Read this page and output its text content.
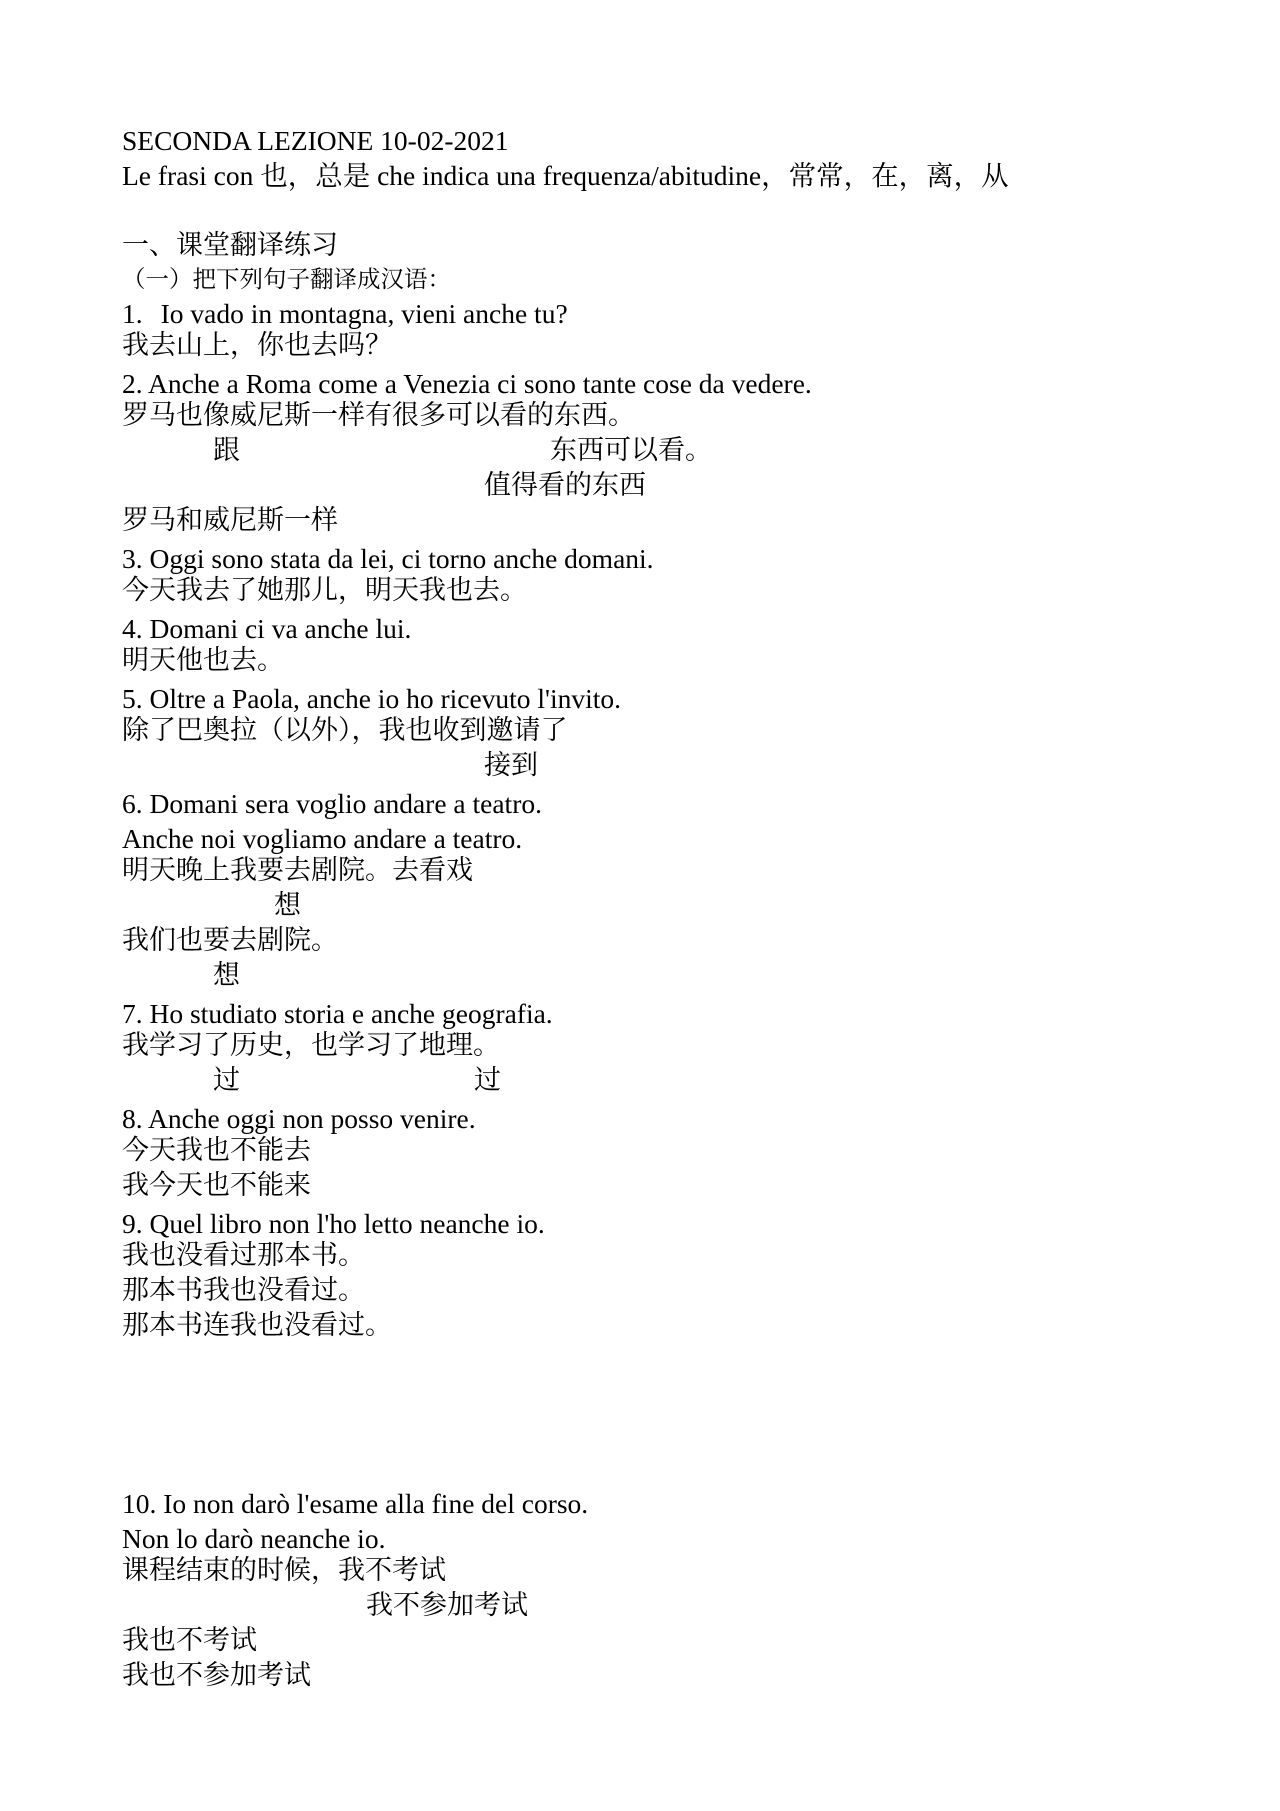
SECONDA LEZIONE 10-02-2021
Le frasi con 也，总是 che indica una frequenza/abitudine，常常，在，离，从
一、课堂翻译练习
（一）把下列句子翻译成汉语：
1. Io vado in montagna, vieni anche tu?
我去山上，你也去吗？
2. Anche a Roma come a Venezia ci sono tante cose da vedere.
罗马也像威尼斯一样有很多可以看的东西。
跟	东西可以看。
值得看的东西
罗马和威尼斯一样
3. Oggi sono stata da lei, ci torno anche domani.
今天我去了她那儿，明天我也去。
4. Domani ci va anche lui.
明天他也去。
5. Oltre a Paola, anche io ho ricevuto l'invito.
除了巴奥拉（以外），我也收到邀请了
接到
6. Domani sera voglio andare a teatro.
Anche noi vogliamo andare a teatro.
明天晚上我要去剧院。去看戏
想
我们也要去剧院。
想
7. Ho studiato storia e anche geografia.
我学习了历史，也学习了地理。
过	过
8. Anche oggi non posso venire.
今天我也不能去
我今天也不能来
9. Quel libro non l'ho letto neanche io.
我也没看过那本书。
那本书我也没看过。
那本书连我也没看过。
10. Io non darò l'esame alla fine del corso.
Non lo darò neanche io.
课程结束的时候，我不考试
我不参加考试
我也不考试
我也不参加考试
